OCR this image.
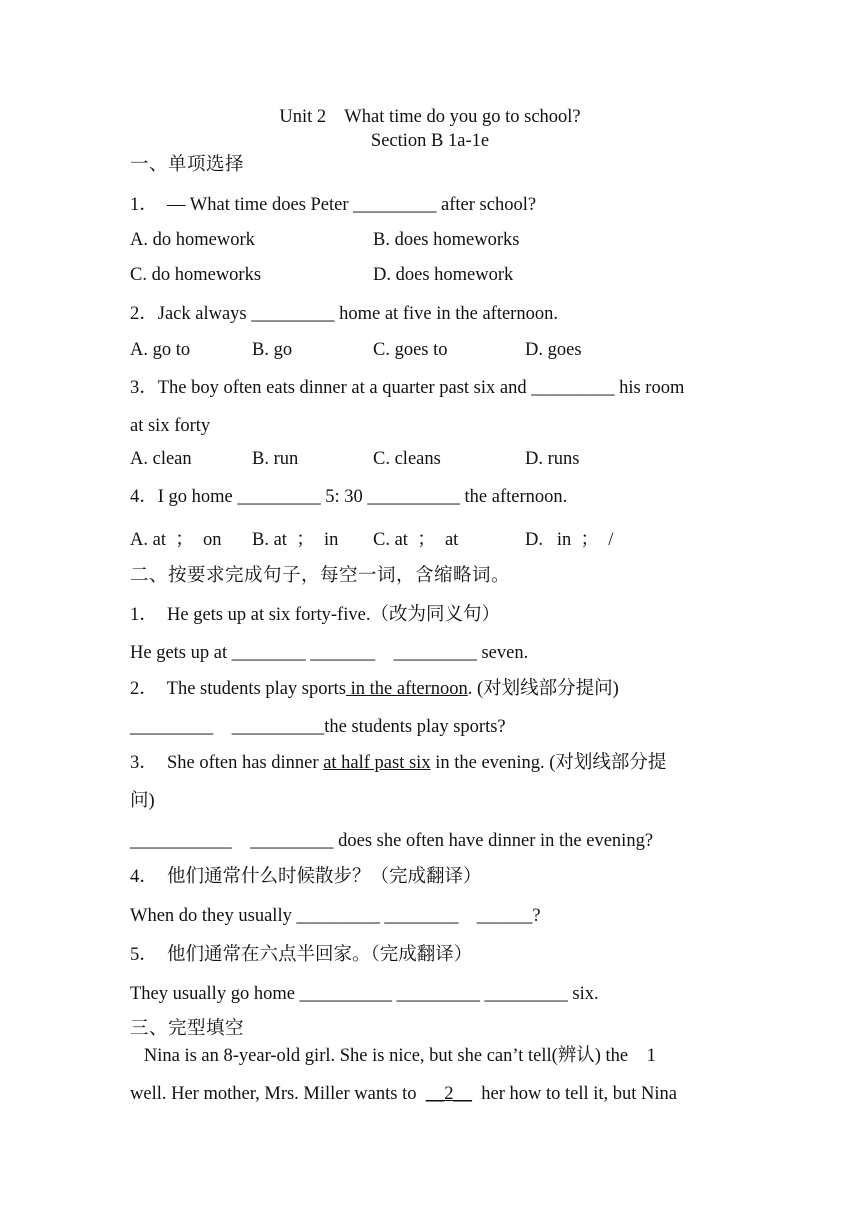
Unit 2    What time do you go to school?
Section B 1a-1e
一、单项选择
1．  — What time does Peter _________ after school?
A. do homework	B. does homeworks
C. do homeworks	D. does homework
2．Jack always _________ home at five in the afternoon.
A. go to	B. go	C. goes to	D. goes
3．The boy often eats dinner at a quarter past six and _________ his room
at six forty
A. clean	B. run	C. cleans	D. runs
4．I go home _________ 5: 30 __________ the afternoon.
A. at  ；  on B. at  ；  in C. at  ；  at	D.   in  ；  /
二、按要求完成句子，每空一词，含缩略词。
1．  He gets up at six forty-five.（改为同义句）
He gets up at ________ _______    _________ seven.
2．  The students play sports in the afternoon. (对划线部分提问)
_________    __________the students play sports?
3．  She often has dinner at half past six in the evening. (对划线部分提
问)
___________    _________ does she often have dinner in the evening?
4．  他们通常什么时候散步？（完成翻译）
When do they usually _________ ________    ______?
5．  他们通常在六点半回家。（完成翻译）
They usually go home __________ _________ _________ six.
三、完型填空
Nina is an 8-year-old girl. She is nice, but she can’t tell(辨认) the    1
well. Her mother, Mrs. Miller wants to  __2__  her how to tell it, but Nina
